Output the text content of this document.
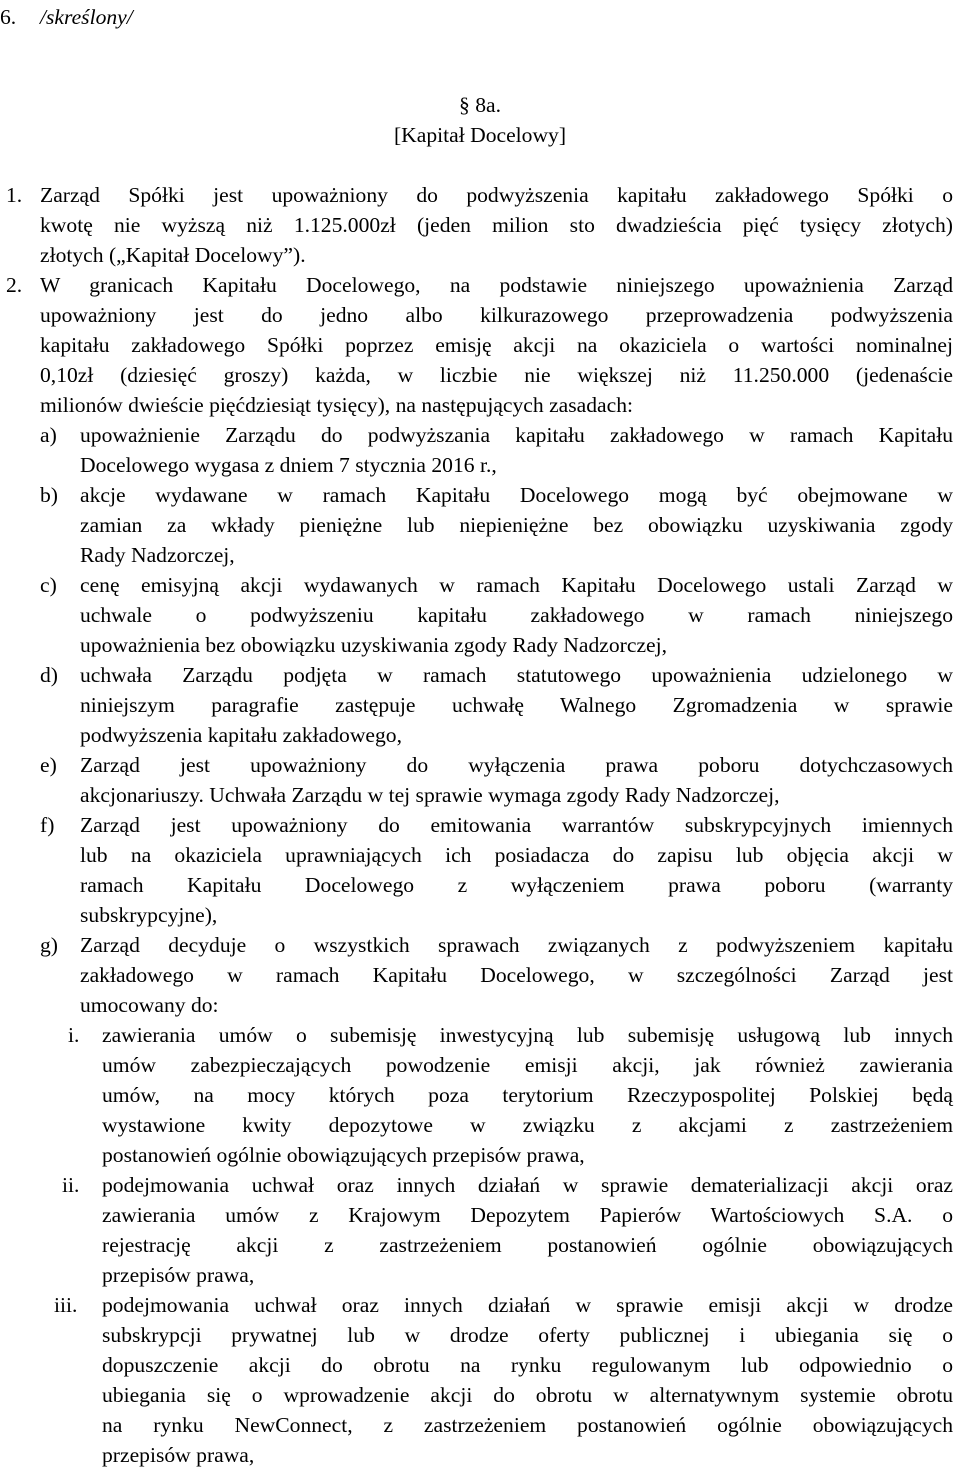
6. /skreślony/
§ 8a.
[Kapitał Docelowy]
1. Zarząd Spółki jest upoważniony do podwyższenia kapitału zakładowego Spółki o
kwotę nie wyższą niż 1.125.000zł (jeden milion sto dwadzieścia pięć tysięcy złotych)
złotych („Kapitał Docelowy”).
2. W granicach Kapitału Docelowego, na podstawie niniejszego upoważnienia Zarząd
upoważniony jest do jedno albo kilkurazowego przeprowadzenia podwyższenia
kapitału zakładowego Spółki poprzez emisję akcji na okaziciela o wartości nominalnej
0,10zł (dziesięć groszy) każda, w liczbie nie większej niż 11.250.000 (jedenaście
milionów dwieście pięćdziesiąt tysięcy), na następujących zasadach:
a) upoważnienie Zarządu do podwyższania kapitału zakładowego w ramach Kapitału
Docelowego wygasa z dniem 7 stycznia 2016 r.,
b) akcje wydawane w ramach Kapitału Docelowego mogą być obejmowane w
zamian za wkłady pieniężne lub niepieniężne bez obowiązku uzyskiwania zgody
Rady Nadzorczej,
c) cenę emisyjną akcji wydawanych w ramach Kapitału Docelowego ustali Zarząd w
uchwale o podwyższeniu kapitału zakładowego w ramach niniejszego
upoważnienia bez obowiązku uzyskiwania zgody Rady Nadzorczej,
d) uchwała Zarządu podjęta w ramach statutowego upoważnienia udzielonego w
niniejszym paragrafie zastępuje uchwałę Walnego Zgromadzenia w sprawie
podwyższenia kapitału zakładowego,
e) Zarząd jest upoważniony do wyłączenia prawa poboru dotychczasowych
akcjonariuszy. Uchwała Zarządu w tej sprawie wymaga zgody Rady Nadzorczej,
f) Zarząd jest upoważniony do emitowania warrantów subskrypcyjnych imiennych
lub na okaziciela uprawniających ich posiadacza do zapisu lub objęcia akcji w
ramach Kapitału Docelowego z wyłączeniem prawa poboru (warranty
subskrypcyjne),
g) Zarząd decyduje o wszystkich sprawach związanych z podwyższeniem kapitału
zakładowego w ramach Kapitału Docelowego, w szczególności Zarząd jest
umocowany do:
i. zawierania umów o subemisję inwestycyjną lub subemisję usługową lub innych
umów zabezpieczających powodzenie emisji akcji, jak również zawierania
umów, na mocy których poza terytorium Rzeczypospolitej Polskiej będą
wystawione kwity depozytowe w związku z akcjami z zastrzeżeniem
postanowień ogólnie obowiązujących przepisów prawa,
ii. podejmowania uchwał oraz innych działań w sprawie dematerializacji akcji oraz
zawierania umów z Krajowym Depozytem Papierów Wartościowych S.A. o
rejestrację akcji z zastrzeżeniem postanowień ogólnie obowiązujących
przepisów prawa,
iii. podejmowania uchwał oraz innych działań w sprawie emisji akcji w drodze
subskrypcji prywatnej lub w drodze oferty publicznej i ubiegania się o
dopuszczenie akcji do obrotu na rynku regulowanym lub odpowiednio o
ubiegania się o wprowadzenie akcji do obrotu w alternatywnym systemie obrotu
na rynku NewConnect, z zastrzeżeniem postanowień ogólnie obowiązujących
przepisów prawa,
